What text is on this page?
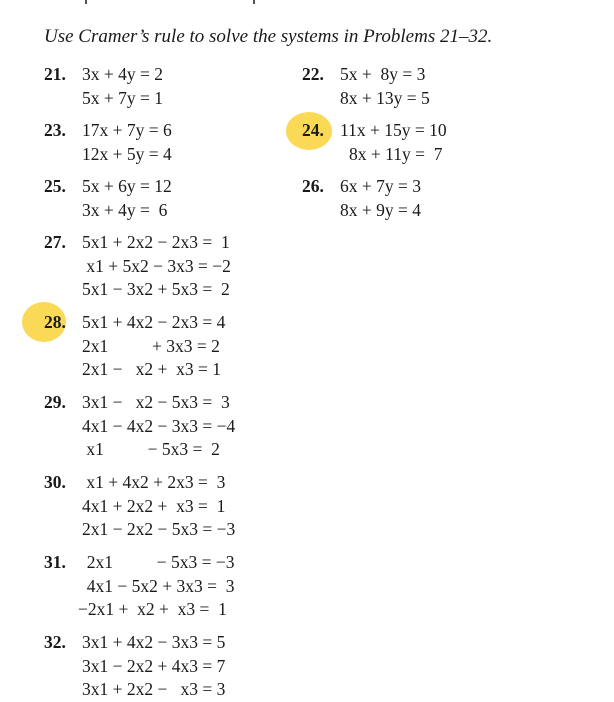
Use Cramer’s rule to solve the systems in Problems 21–32.
21. 3x + 4y = 2
5x + 7y = 1
22. 5x +  8y = 3
8x + 13y = 5
23. 17x + 7y = 6
12x + 5y = 4
24. 11x + 15y = 10
8x + 11y =  7
25. 5x + 6y = 12
3x + 4y =  6
26. 6x + 7y = 3
8x + 9y = 4
27. 5x1 + 2x2 − 2x3 =  1
x1 + 5x2 − 3x3 = −2
5x1 − 3x2 + 5x3 =  2
28. 5x1 + 4x2 − 2x3 = 4
2x1          + 3x3 = 2
2x1 −   x2 +  x3 = 1
29. 3x1 −   x2 − 5x3 =  3
4x1 − 4x2 − 3x3 = −4
x1          − 5x3 =  2
30. x1 + 4x2 + 2x3 =  3
4x1 + 2x2 +  x3 =  1
2x1 − 2x2 − 5x3 = −3
31. 2x1          − 5x3 = −3
4x1 − 5x2 + 3x3 =  3
−2x1 +  x2 +  x3 =  1
32. 3x1 + 4x2 − 3x3 = 5
3x1 − 2x2 + 4x3 = 7
3x1 + 2x2 −   x3 = 3
